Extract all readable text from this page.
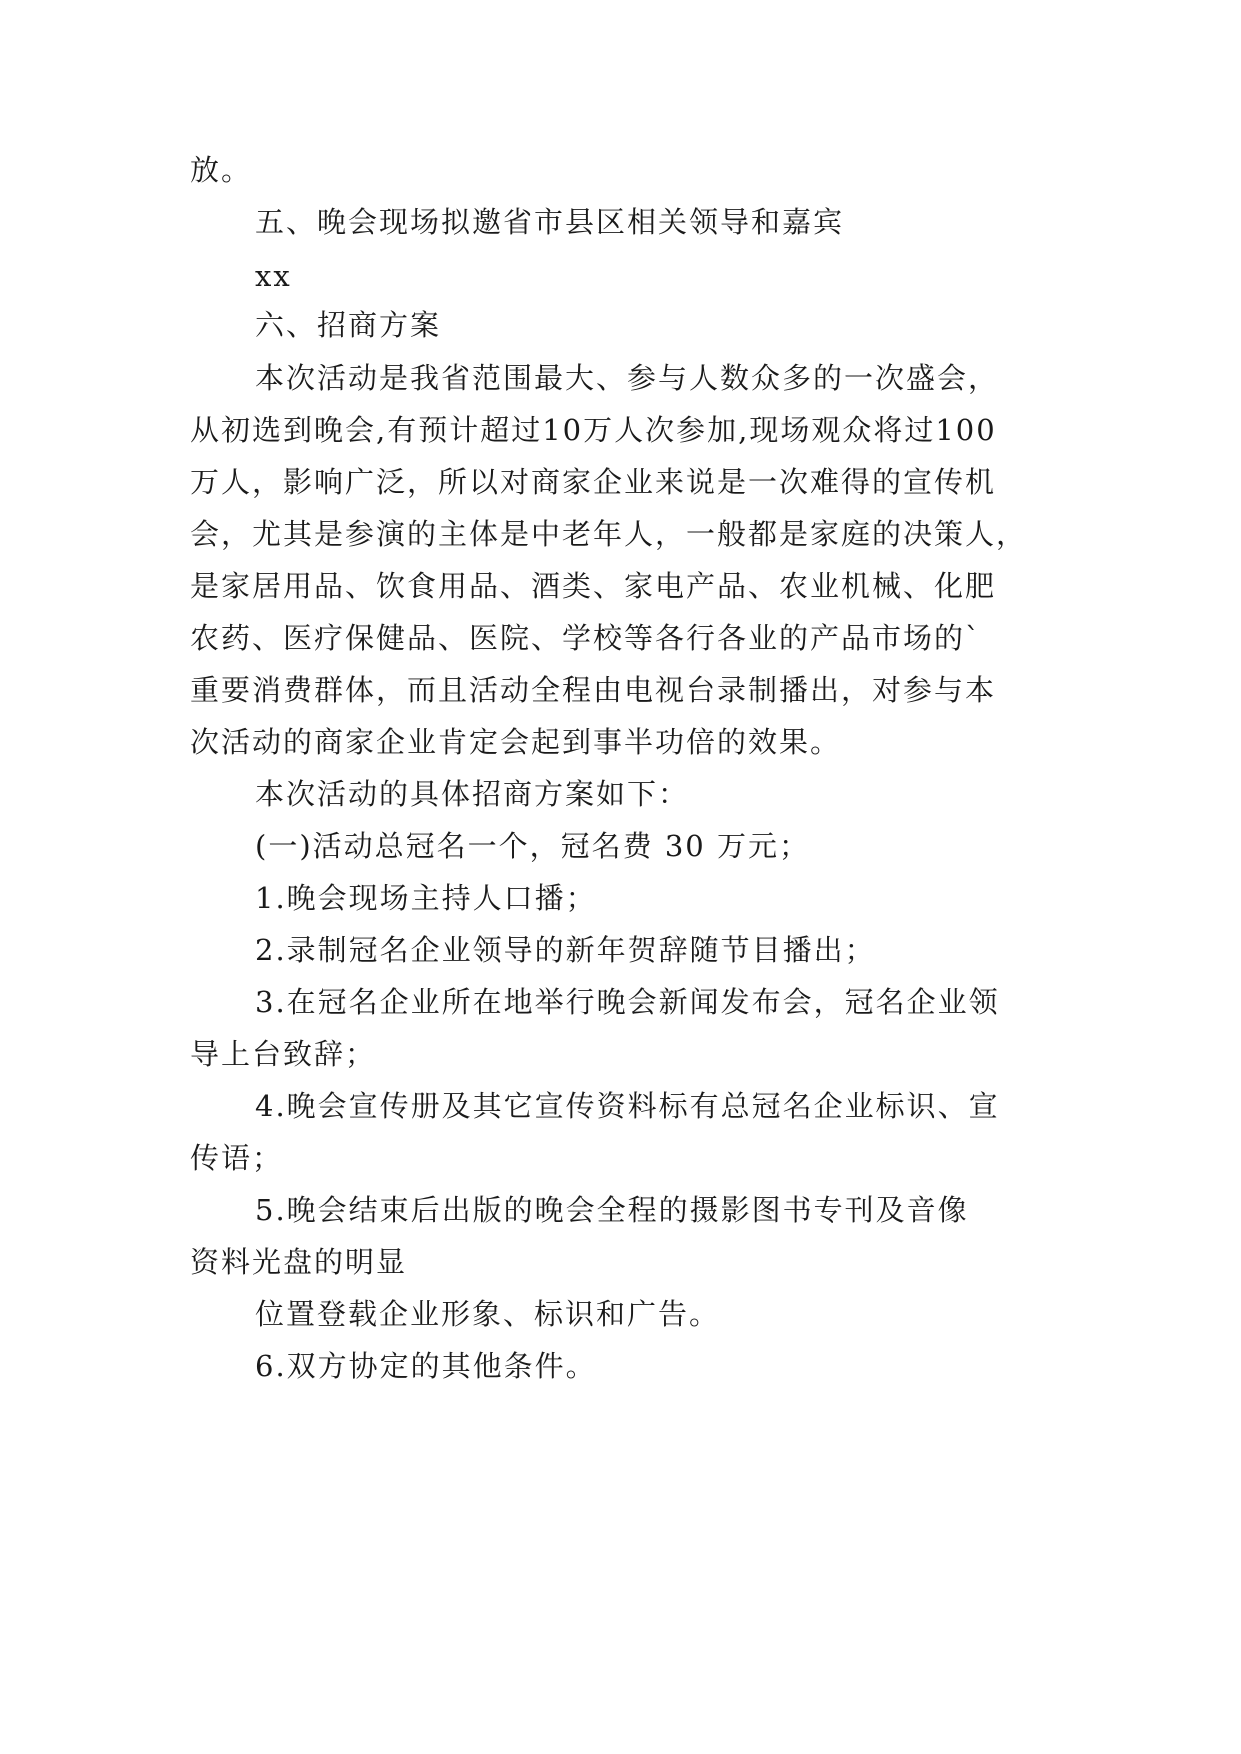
放。
五、晚会现场拟邀省市县区相关领导和嘉宾
xx
六、招商方案
本次活动是我省范围最大、参与人数众多的一次盛会，
从初选到晚会,有预计超过10万人次参加,现场观众将过100
万人，影响广泛，所以对商家企业来说是一次难得的宣传机
会，尤其是参演的主体是中老年人，一般都是家庭的决策人，
是家居用品、饮食用品、酒类、家电产品、农业机械、化肥
农药、医疗保健品、医院、学校等各行各业的产品市场的`
重要消费群体，而且活动全程由电视台录制播出，对参与本
次活动的商家企业肯定会起到事半功倍的效果。
本次活动的具体招商方案如下：
(一)活动总冠名一个，冠名费 30 万元；
1.晚会现场主持人口播；
2.录制冠名企业领导的新年贺辞随节目播出；
3.在冠名企业所在地举行晚会新闻发布会，冠名企业领
导上台致辞；
4.晚会宣传册及其它宣传资料标有总冠名企业标识、宣
传语；
5.晚会结束后出版的晚会全程的摄影图书专刊及音像
资料光盘的明显
位置登载企业形象、标识和广告。
6.双方协定的其他条件。
